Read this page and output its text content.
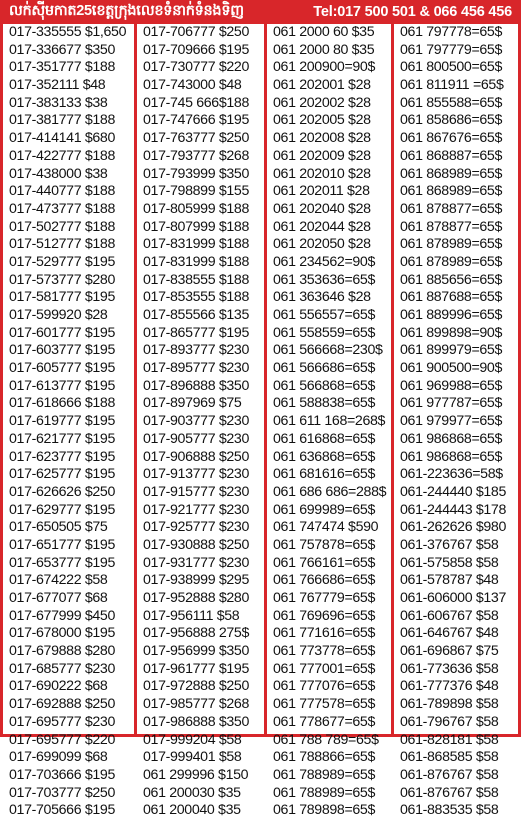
លក់ស៊ីមកាត25ខេត្តក្រុងលេខទំនាក់ទំនងទិញ	Tel:017 500 501 & 066 456 456
017-335555 $1,650
017-336677 $350
017-351777 $188
017-352111 $48
017-383133 $38
017-381777 $188
017-414141 $680
017-422777 $188
017-438000 $38
017-440777 $188
017-473777 $188
017-502777 $188
017-512777 $188
017-529777 $195
017-573777 $280
017-581777 $195
017-599920 $28
017-601777 $195
017-603777 $195
017-605777 $195
017-613777 $195
017-618666 $188
017-619777 $195
017-621777 $195
017-623777 $195
017-625777 $195
017-626626 $250
017-629777 $195
017-650505 $75
017-651777 $195
017-653777 $195
017-674222 $58
017-677077 $68
017-677999 $450
017-678000 $195
017-679888 $280
017-685777 $230
017-690222 $68
017-692888 $250
017-695777 $230
017-695777 $220
017-699099 $68
017-703666 $195
017-703777 $250
017-705666 $195
017-706777 $250
017-709666 $195
017-730777 $220
017-743000 $48
017-745 666$188
017-747666 $195
017-763777 $250
017-793777 $268
017-793999 $350
017-798899 $155
017-805999 $188
017-807999 $188
017-831999 $188
017-831999 $188
017-838555 $188
017-853555 $188
017-855566 $135
017-865777 $195
017-893777 $230
017-895777 $230
017-896888 $350
017-897969 $75
017-903777 $230
017-905777 $230
017-906888 $250
017-913777 $230
017-915777 $230
017-921777 $230
017-925777 $230
017-930888 $250
017-931777 $230
017-938999 $295
017-952888 $280
017-956111 $58
017-956888 275$
017-956999 $350
017-961777 $195
017-972888 $250
017-985777 $268
017-986888 $350
017-999204 $58
017-999401 $58
061 299996 $150
061 200030 $35
061 200040 $35
061 2000 60 $35
061 2000 80 $35
061 200900=90$
061 202001 $28
061 202002 $28
061 202005 $28
061 202008 $28
061 202009 $28
061 202010 $28
061 202011 $28
061 202040 $28
061 202044 $28
061 202050 $28
061 234562=90$
061 353636=65$
061 363646 $28
061 556557=65$
061 558559=65$
061 566668=230$
061 566686=65$
061 566868=65$
061 588838=65$
061 611 168=268$
061 616868=65$
061 636868=65$
061 681616=65$
061 686 686=288$
061 699989=65$
061 747474 $590
061 757878=65$
061 766161=65$
061 766686=65$
061 767779=65$
061 769696=65$
061 771616=65$
061 773778=65$
061 777001=65$
061 777076=65$
061 777578=65$
061 778677=65$
061 788 789=65$
061 788866=65$
061 788989=65$
061 788989=65$
061 789898=65$
061 797778=65$
061 797779=65$
061 800500=65$
061 811911 =65$
061 855588=65$
061 858686=65$
061 867676=65$
061 868887=65$
061 868989=65$
061 868989=65$
061 878877=65$
061 878877=65$
061 878989=65$
061 878989=65$
061 885656=65$
061 887688=65$
061 889996=65$
061 899898=90$
061 899979=65$
061 900500=90$
061 969988=65$
061 977787=65$
061 979977=65$
061 986868=65$
061 986868=65$
061-223636=58$
061-244440 $185
061-244443 $178
061-262626 $980
061-376767 $58
061-575858 $58
061-578787 $48
061-606000 $137
061-606767 $58
061-646767 $48
061-696867 $75
061-773636 $58
061-777376 $48
061-789898 $58
061-796767 $58
061-828181 $58
061-868585 $58
061-876767 $58
061-876767 $58
061-883535 $58
